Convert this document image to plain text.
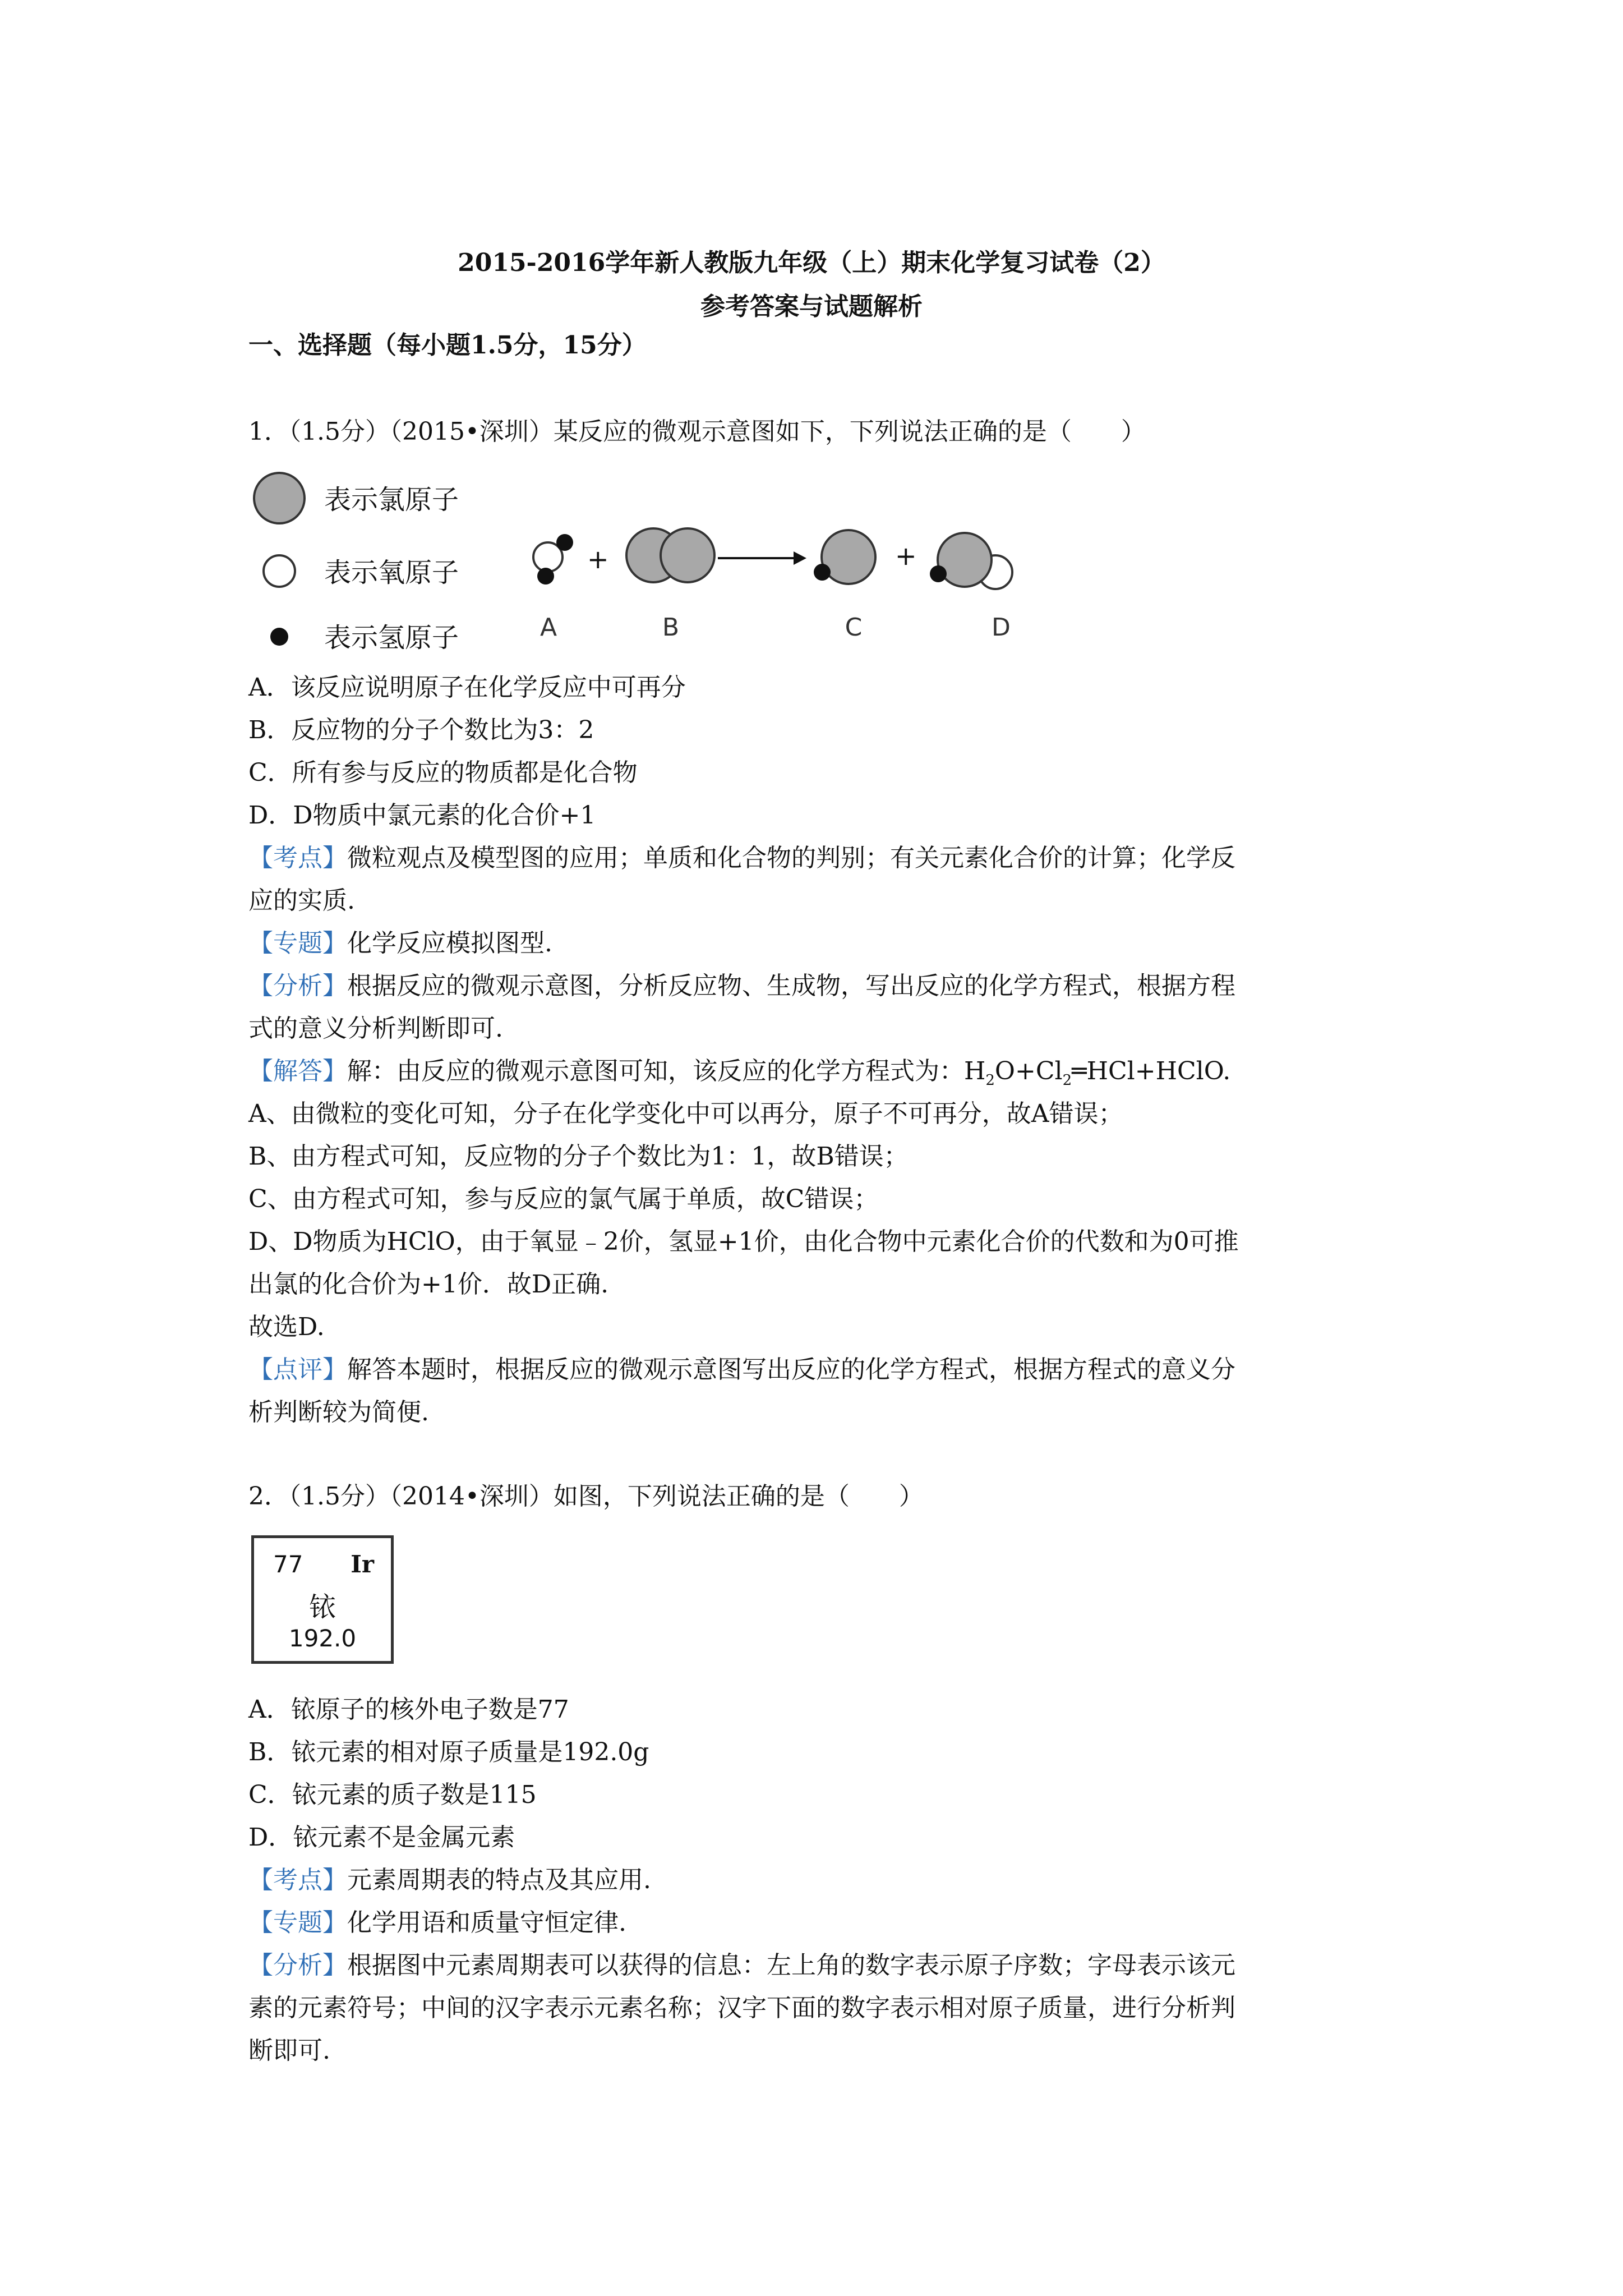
2015-2016学年新人教版九年级（上）期末化学复习试卷（2）
参考答案与试题解析
一、选择题（每小题1.5分，15分）
1．（1.5分）（2015•深圳）某反应的微观示意图如下，下列说法正确的是（　　）
表示氯原子
表示氧原子
表示氢原子
+	+
A	B	C	D
A．该反应说明原子在化学反应中可再分
B．反应物的分子个数比为3：2
C．所有参与反应的物质都是化合物
D．D物质中氯元素的化合价+1
【考点】微粒观点及模型图的应用；单质和化合物的判别；有关元素化合价的计算；化学反
应的实质.
【专题】化学反应模拟图型.
【分析】根据反应的微观示意图，分析反应物、生成物，写出反应的化学方程式，根据方程
式的意义分析判断即可.
【解答】解：由反应的微观示意图可知，该反应的化学方程式为：$H_2O+Cl_2═HCl+HClO$.
A、由微粒的变化可知，分子在化学变化中可以再分，原子不可再分，故A错误；
B、由方程式可知，反应物的分子个数比为1：1，故B错误；
C、由方程式可知，参与反应的氯气属于单质，故C错误；
D、D物质为HClO，由于氧显﹣2价，氢显+1价，由化合物中元素化合价的代数和为0可推
出氯的化合价为+1价．故D正确.
故选D.
【点评】解答本题时，根据反应的微观示意图写出反应的化学方程式，根据方程式的意义分
析判断较为简便.
2．（1.5分）（2014•深圳）如图，下列说法正确的是（　　）
77 Ir
铱
192.0
A．铱原子的核外电子数是77
B．铱元素的相对原子质量是192.0g
C．铱元素的质子数是115
D．铱元素不是金属元素
【考点】元素周期表的特点及其应用.
【专题】化学用语和质量守恒定律.
【分析】根据图中元素周期表可以获得的信息：左上角的数字表示原子序数；字母表示该元
素的元素符号；中间的汉字表示元素名称；汉字下面的数字表示相对原子质量，进行分析判
断即可.
